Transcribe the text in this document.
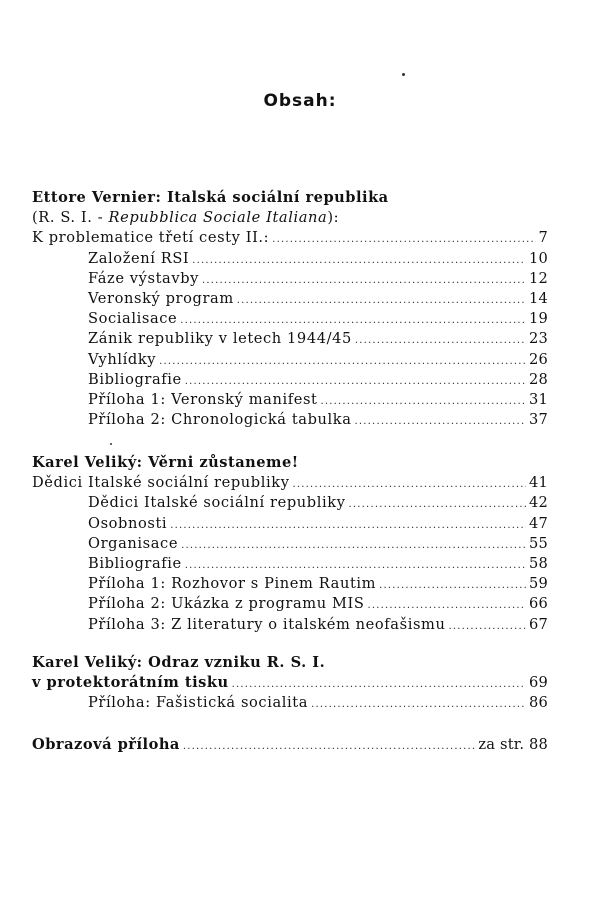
Obsah:
Ettore Vernier: Italská sociální republika
(R. S. I. - Repubblica Sociale Italiana ):
K problematice třetí cesty II.: .....	7
Založení RSI .....	10
Fáze výstavby .....	12
Veronský program .....	14
Socialisace .....	19
Zánik republiky v letech 1944/45 .....	23
Vyhlídky .....	26
Bibliografie .....	28
Příloha 1: Veronský manifest .....	31
Příloha 2: Chronologická tabulka .....	37
Karel Veliký: Věrni zůstaneme!
Dědici Italské sociální republiky .....	41
Dědici Italské sociální republiky .....	42
Osobnosti .....	47
Organisace .....	55
Bibliografie .....	58
Příloha 1: Rozhovor s Pinem Rautim .....	59
Příloha 2: Ukázka z programu MIS .....	66
Příloha 3: Z literatury o italském neofašismu .....	67
Karel Veliký: Odraz vzniku R. S. I.
v protektorátním tisku .....	69
Příloha: Fašistická socialita .....	86
Obrazová příloha .....	za str. 88
